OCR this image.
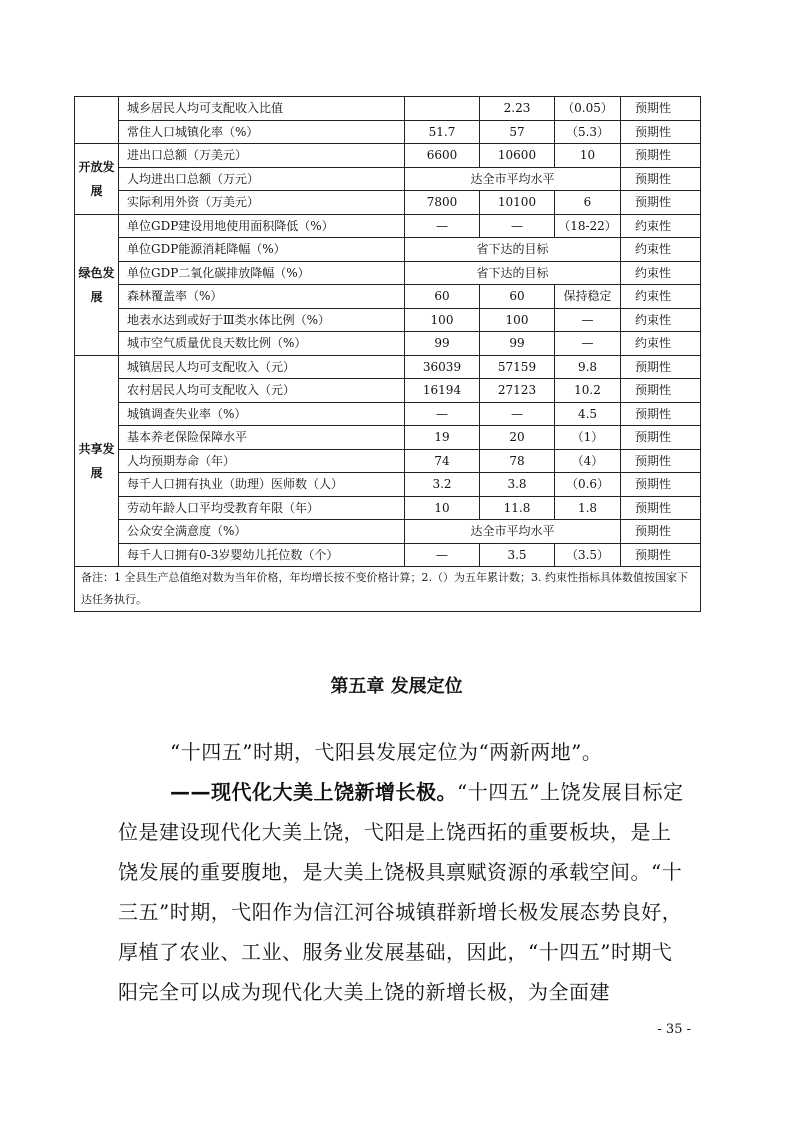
	城乡居民人均可支配收入比值		2.23	（0.05）	预期性
	常住人口城镇化率（%）	51.7	57	（5.3）	预期性
开放发展	进出口总额（万美元）	6600	10600	10	预期性
	人均进出口总额（万元）	达全市平均水平			预期性
	实际利用外资（万美元）	7800	10100	6	预期性
绿色发展	单位GDP建设用地使用面积降低（%）	—	—	（18-22）	约束性
	单位GDP能源消耗降幅（%）	省下达的目标			约束性
	单位GDP二氧化碳排放降幅（%）	省下达的目标			约束性
	森林覆盖率（%）	60	60	保持稳定	约束性
	地表水达到或好于Ⅲ类水体比例（%）	100	100	—	约束性
	城市空气质量优良天数比例（%）	99	99	—	约束性
共享发展	城镇居民人均可支配收入（元）	36039	57159	9.8	预期性
	农村居民人均可支配收入（元）	16194	27123	10.2	预期性
	城镇调查失业率（%）	—	—	4.5	预期性
	基本养老保险保障水平	19	20	（1）	预期性
	人均预期寿命（年）	74	78	（4）	预期性
	每千人口拥有执业（助理）医师数（人）	3.2	3.8	（0.6）	预期性
	劳动年龄人口平均受教育年限（年）	10	11.8	1.8	预期性
	公众安全满意度（%）	达全市平均水平			预期性
	每千人口拥有0-3岁婴幼儿托位数（个）	—	3.5	（3.5）	预期性
备注：1 全县生产总值绝对数为当年价格，年均增长按不变价格计算；2.（）为五年累计数；3. 约束性指标具体数值按国家下达任务执行。					
第五章 发展定位

“十四五”时期，弋阳县发展定位为“两新两地”。

——现代化大美上饶新增长极。“十四五”上饶发展目标定位是建设现代化大美上饶，弋阳是上饶西拓的重要板块，是上饶发展的重要腹地，是大美上饶极具禀赋资源的承载空间。“十三五”时期，弋阳作为信江河谷城镇群新增长极发展态势良好，厚植了农业、工业、服务业发展基础，因此，“十四五”时期弋阳完全可以成为现代化大美上饶的新增长极，为全面建

- 35 -
